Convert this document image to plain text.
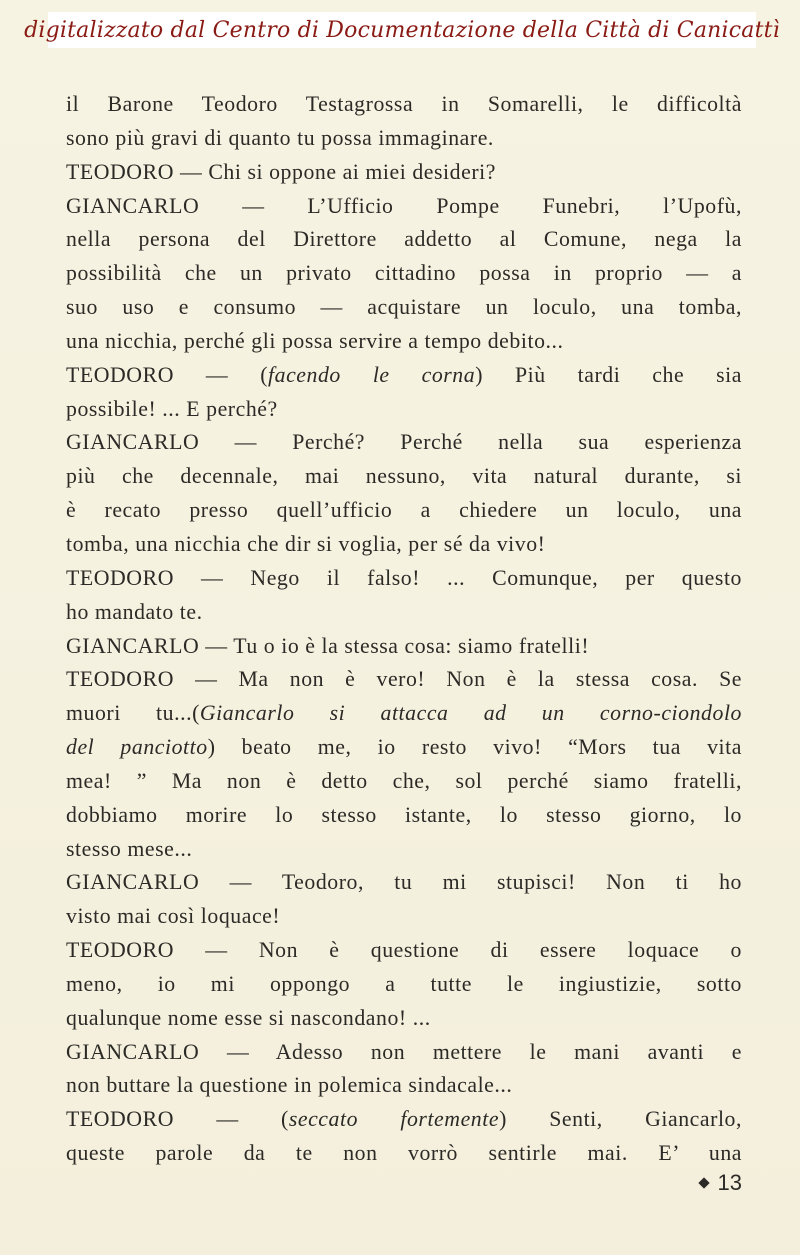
digitalizzato dal Centro di Documentazione della Città di Canicattì
il Barone Teodoro Testagrossa in Somarelli, le difficoltà
sono più gravi di quanto tu possa immaginare.
TEODORO — Chi si oppone ai miei desideri?
GIANCARLO — L’Ufficio Pompe Funebri, l’Upofù,
nella persona del Direttore addetto al Comune, nega la
possibilità che un privato cittadino possa in proprio — a
suo uso e consumo — acquistare un loculo, una tomba,
una nicchia, perché gli possa servire a tempo debito...
TEODORO — (facendo le corna) Più tardi che sia
possibile! ... E perché?
GIANCARLO — Perché? Perché nella sua esperienza
più che decennale, mai nessuno, vita natural durante, si
è recato presso quell’ufficio a chiedere un loculo, una
tomba, una nicchia che dir si voglia, per sé da vivo!
TEODORO — Nego il falso! ... Comunque, per questo
ho mandato te.
GIANCARLO — Tu o io è la stessa cosa: siamo fratelli!
TEODORO — Ma non è vero! Non è la stessa cosa. Se
muori tu...(Giancarlo si attacca ad un corno-ciondolo
del panciotto) beato me, io resto vivo! “Mors tua vita
mea! ” Ma non è detto che, sol perché siamo fratelli,
dobbiamo morire lo stesso istante, lo stesso giorno, lo
stesso mese...
GIANCARLO — Teodoro, tu mi stupisci! Non ti ho
visto mai così loquace!
TEODORO — Non è questione di essere loquace o
meno, io mi oppongo a tutte le ingiustizie, sotto
qualunque nome esse si nascondano! ...
GIANCARLO — Adesso non mettere le mani avanti e
non buttare la questione in polemica sindacale...
TEODORO — (seccato fortemente) Senti, Giancarlo,
queste parole da te non vorrò sentirle mai. E’ una
13
